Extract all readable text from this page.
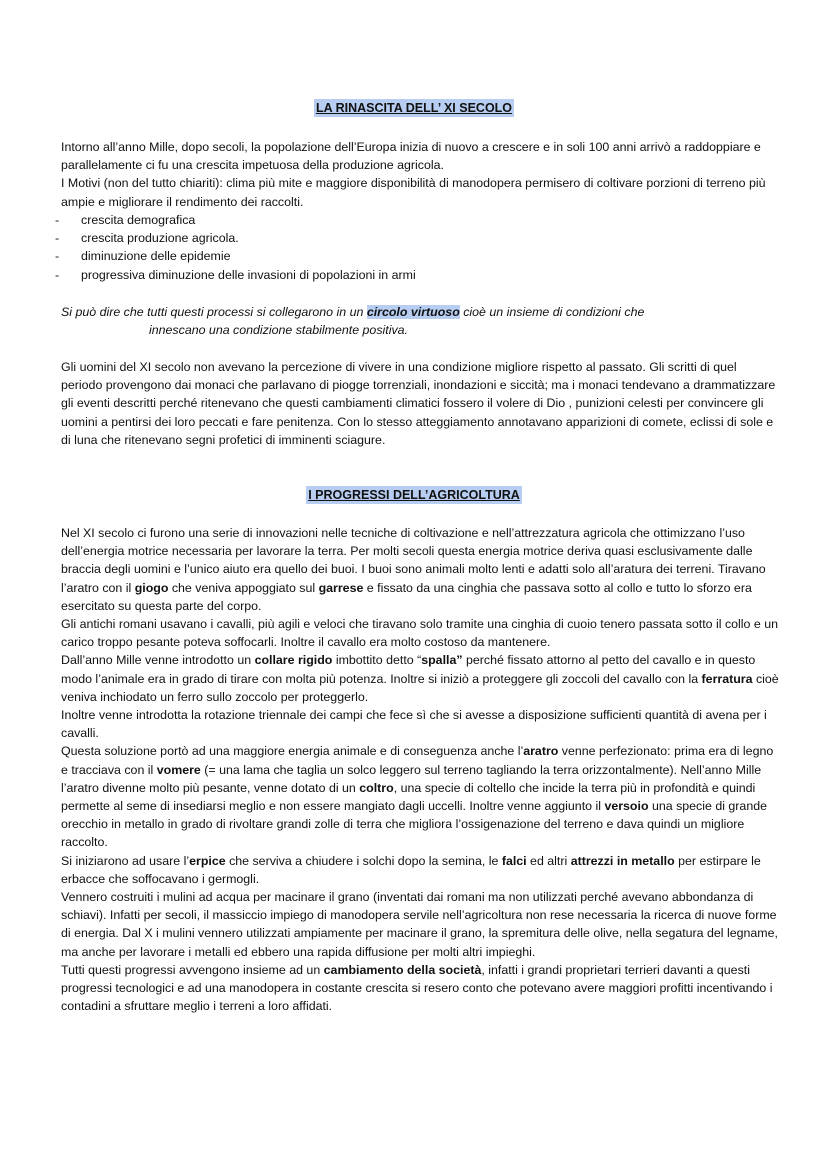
LA RINASCITA DELL’ XI SECOLO

Intorno all’anno Mille, dopo secoli, la popolazione dell’Europa inizia di nuovo a crescere e in soli 100 anni arrivò a raddoppiare e parallelamente ci fu una crescita impetuosa della produzione agricola.

I Motivi (non del tutto chiariti): clima più mite e maggiore disponibilità di manodopera permisero di coltivare porzioni di terreno più ampie e migliorare il rendimento dei raccolti.

- crescita demografica
- crescita produzione agricola.
- diminuzione delle epidemie
- progressiva diminuzione delle invasioni di popolazioni in armi

Si può dire che tutti questi processi si collegarono in un circolo virtuoso cioè un insieme di condizioni che

innescano una condizione stabilmente positiva.

Gli uomini del XI secolo non avevano la percezione di vivere in una condizione migliore rispetto al passato. Gli scritti di quel periodo provengono dai monaci che parlavano di piogge torrenziali, inondazioni e siccità; ma i monaci tendevano a drammatizzare gli eventi descritti perché ritenevano che questi cambiamenti climatici fossero il volere di Dio , punizioni celesti per convincere gli uomini a pentirsi dei loro peccati e fare penitenza. Con lo stesso atteggiamento annotavano apparizioni di comete, eclissi di sole e di luna che ritenevano segni profetici di imminenti sciagure.

I PROGRESSI DELL’AGRICOLTURA

Nel XI secolo ci furono una serie di innovazioni nelle tecniche di coltivazione e nell’attrezzatura agricola che ottimizzano l’uso dell’energia motrice necessaria per lavorare la terra. Per molti secoli questa energia motrice deriva quasi esclusivamente dalle braccia degli uomini e l’unico aiuto era quello dei buoi. I buoi sono animali molto lenti e adatti solo all’aratura dei terreni. Tiravano l’aratro con il giogo che veniva appoggiato sul garrese e fissato da una cinghia che passava sotto al collo e tutto lo sforzo era esercitato su questa parte del corpo.

Gli antichi romani usavano i cavalli, più agili e veloci che tiravano solo tramite una cinghia di cuoio tenero passata sotto il collo e un carico troppo pesante poteva soffocarli. Inoltre il cavallo era molto costoso da mantenere.

Dall’anno Mille venne introdotto un collare rigido imbottito detto “spalla” perché fissato attorno al petto del cavallo e in questo modo l’animale era in grado di tirare con molta più potenza. Inoltre si iniziò a proteggere gli zoccoli del cavallo con la ferratura cioè veniva inchiodato un ferro sullo zoccolo per proteggerlo.

Inoltre venne introdotta la rotazione triennale dei campi che fece sì che si avesse a disposizione sufficienti quantità di avena per i cavalli.

Questa soluzione portò ad una maggiore energia animale e di conseguenza anche l’aratro venne perfezionato: prima era di legno e tracciava con il vomere (= una lama che taglia un solco leggero sul terreno tagliando la terra orizzontalmente). Nell’anno Mille l’aratro divenne molto più pesante, venne dotato di un coltro, una specie di coltello che incide la terra più in profondità e quindi permette al seme di insediarsi meglio e non essere mangiato dagli uccelli. Inoltre venne aggiunto il versoio una specie di grande orecchio in metallo in grado di rivoltare grandi zolle di terra che migliora l’ossigenazione del terreno e dava quindi un migliore raccolto.

Si iniziarono ad usare l’erpice che serviva a chiudere i solchi dopo la semina, le falci ed altri attrezzi in metallo per estirpare le erbacce che soffocavano i germogli.

Vennero costruiti i mulini ad acqua per macinare il grano (inventati dai romani ma non utilizzati perché avevano abbondanza di schiavi). Infatti per secoli, il massiccio impiego di manodopera servile nell’agricoltura non rese necessaria la ricerca di nuove forme di energia. Dal X i mulini vennero utilizzati ampiamente per macinare il grano, la spremitura delle olive, nella segatura del legname, ma anche per lavorare i metalli ed ebbero una rapida diffusione per molti altri impieghi.

Tutti questi progressi avvengono insieme ad un cambiamento della società, infatti i grandi proprietari terrieri davanti a questi progressi tecnologici e ad una manodopera in costante crescita si resero conto che potevano avere maggiori profitti incentivando i contadini a sfruttare meglio i terreni a loro affidati.
